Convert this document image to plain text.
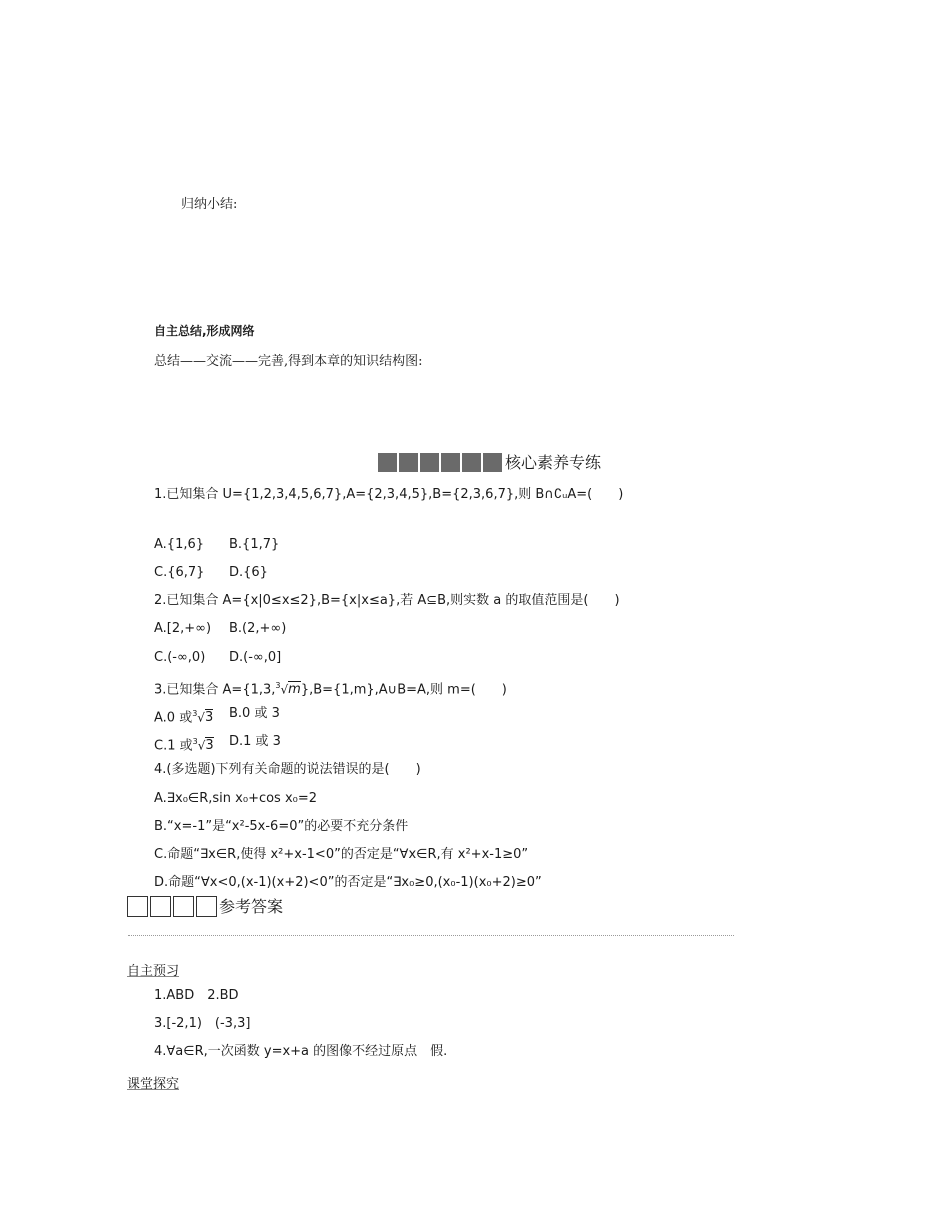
归纳小结:
自主总结,形成网络
总结——交流——完善,得到本章的知识结构图:
核心素养专练
1.已知集合 U={1,2,3,4,5,6,7},A={2,3,4,5},B={2,3,6,7},则 B∩∁ᵤA=(　　)
A.{1,6} B.{1,7}
C.{6,7} D.{6}
2.已知集合 A={x|0≤x≤2},B={x|x≤a},若 A⊆B,则实数 a 的取值范围是(　　)
A.[2,+∞) B.(2,+∞)
C.(-∞,0) D.(-∞,0]
3.已知集合 A={1,3,$^3$√m},B={1,m},A∪B=A,则 m=(　　)
A.0 或$^3$√3 B.0 或 3
C.1 或$^3$√3 D.1 或 3
4.(多选题)下列有关命题的说法错误的是(　　)
A.∃x₀∈R,sin x₀+cos x₀=2
B.“x=-1”是“x²-5x-6=0”的必要不充分条件
C.命题“∃x∈R,使得 x²+x-1<0”的否定是“∀x∈R,有 x²+x-1≥0”
D.命题“∀x<0,(x-1)(x+2)<0”的否定是“∃x₀≥0,(x₀-1)(x₀+2)≥0”
参考答案
自主预习
1.ABD　2.BD
3.[-2,1)　(-3,3]
4.∀a∈R,一次函数 y=x+a 的图像不经过原点　假.
课堂探究
